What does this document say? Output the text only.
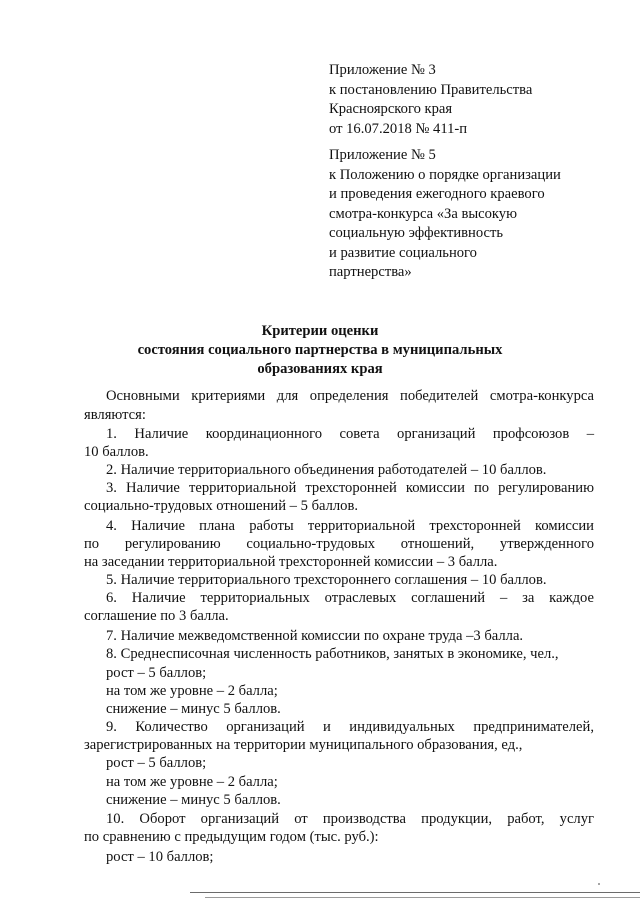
Приложение № 3
к постановлению Правительства
Красноярского края
от 16.07.2018 № 411-п
Приложение № 5
к Положению о порядке организации
и проведения ежегодного краевого
смотра-конкурса «За высокую
социальную эффективность
и развитие социального
партнерства»
Критерии оценки
состояния социального партнерства в муниципальных
образованиях края
Основными критериями для определения победителей смотра-конкурса
являются:
1. Наличие координационного совета организаций профсоюзов –
10 баллов.
2. Наличие территориального объединения работодателей – 10 баллов.
3. Наличие территориальной трехсторонней комиссии по регулированию
социально-трудовых отношений – 5 баллов.
4. Наличие плана работы территориальной трехсторонней комиссии
по регулированию социально-трудовых отношений, утвержденного
на заседании территориальной трехсторонней комиссии – 3 балла.
5. Наличие территориального трехстороннего соглашения – 10 баллов.
6. Наличие территориальных отраслевых соглашений – за каждое
соглашение по 3 балла.
7. Наличие межведомственной комиссии по охране труда –3 балла.
8. Среднесписочная численность работников, занятых в экономике, чел.,
рост – 5 баллов;
на том же уровне – 2 балла;
снижение – минус 5 баллов.
9. Количество организаций и индивидуальных предпринимателей,
зарегистрированных на территории муниципального образования, ед.,
рост – 5 баллов;
на том же уровне – 2 балла;
снижение – минус 5 баллов.
10. Оборот организаций от производства продукции, работ, услуг
по сравнению с предыдущим годом (тыс. руб.):
рост – 10 баллов;
